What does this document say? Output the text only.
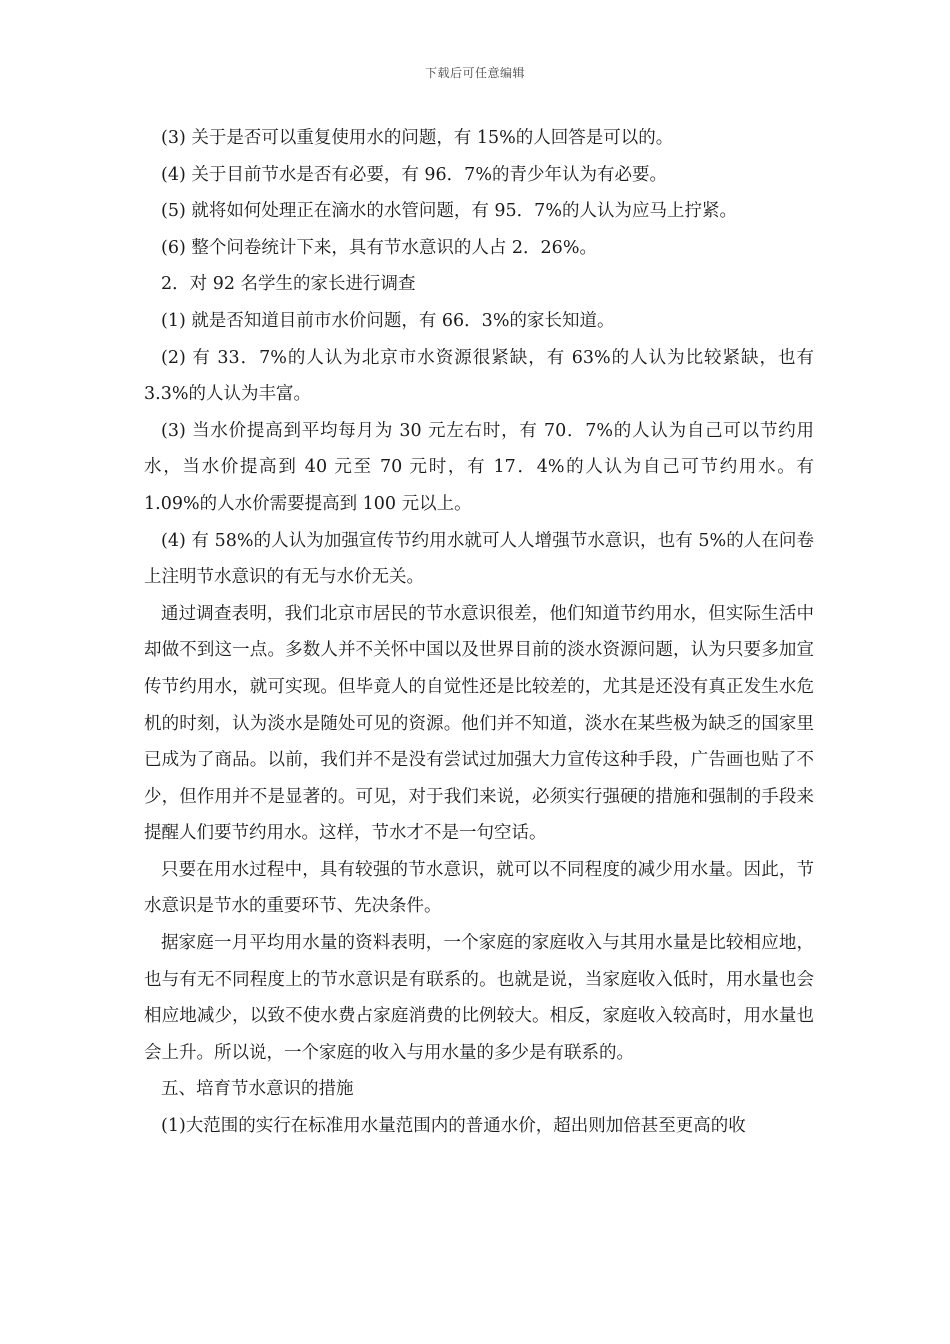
下载后可任意编辑

(3) 关于是否可以重复使用水的问题，有 15%的人回答是可以的。

(4) 关于目前节水是否有必要，有 96．7%的青少年认为有必要。

(5) 就将如何处理正在滴水的水管问题，有 95．7%的人认为应马上拧紧。

(6) 整个问卷统计下来，具有节水意识的人占 2．26%。

2．对 92 名学生的家长进行调查

(1) 就是否知道目前市水价问题，有 66．3%的家长知道。

(2) 有 33．7%的人认为北京市水资源很紧缺，有 63%的人认为比较紧缺，也有 3.3%的人认为丰富。

(3) 当水价提高到平均每月为 30 元左右时，有 70．7%的人认为自己可以节约用水，当水价提高到 40 元至 70 元时，有 17．4%的人认为自己可节约用水。有 1.09%的人水价需要提高到 100 元以上。

(4) 有 58%的人认为加强宣传节约用水就可人人增强节水意识，也有 5%的人在问卷上注明节水意识的有无与水价无关。

通过调查表明，我们北京市居民的节水意识很差，他们知道节约用水，但实际生活中却做不到这一点。多数人并不关怀中国以及世界目前的淡水资源问题，认为只要多加宣传节约用水，就可实现。但毕竟人的自觉性还是比较差的，尤其是还没有真正发生水危机的时刻，认为淡水是随处可见的资源。他们并不知道，淡水在某些极为缺乏的国家里已成为了商品。以前，我们并不是没有尝试过加强大力宣传这种手段，广告画也贴了不少，但作用并不是显著的。可见，对于我们来说，必须实行强硬的措施和强制的手段来提醒人们要节约用水。这样，节水才不是一句空话。

只要在用水过程中，具有较强的节水意识，就可以不同程度的减少用水量。因此，节水意识是节水的重要环节、先决条件。

据家庭一月平均用水量的资料表明，一个家庭的家庭收入与其用水量是比较相应地，也与有无不同程度上的节水意识是有联系的。也就是说，当家庭收入低时，用水量也会相应地减少，以致不使水费占家庭消费的比例较大。相反，家庭收入较高时，用水量也会上升。所以说，一个家庭的收入与用水量的多少是有联系的。

五、培育节水意识的措施

(1)大范围的实行在标准用水量范围内的普通水价，超出则加倍甚至更高的收
